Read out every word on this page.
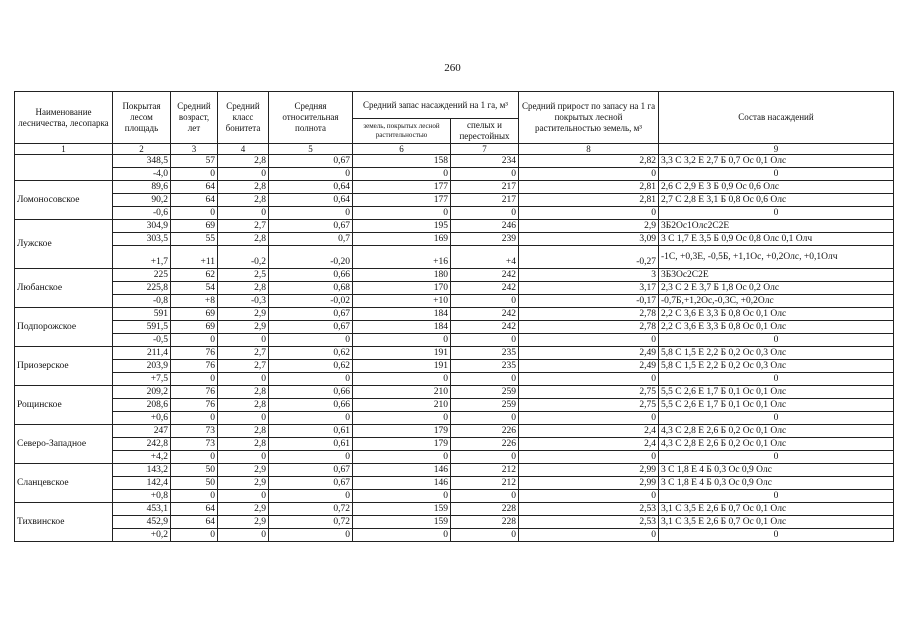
260
Наименование лесничества, лесопарка	Покрытая лесом площадь	Средний возраст, лет	Средний класс бонитета	Средняя относительная полнота	Средний запас насаждений на 1 га, м³		Средний прирост по запасу на 1 га покрытых лесной растительностью земель, м³	Состав насаждений
					земель, покрытых лесной растительностью	спелых и перестойных		
1	2	3	4	5	6	7	8	9
	348,5	57	2,8	0,67	158	234	2,82	3,3 С 3,2 Е 2,7 Б 0,7 Ос 0,1 Олс
	-4,0	0	0	0	0	0	0	0
Ломоносовское	89,6	64	2,8	0,64	177	217	2,81	2,6 С 2,9 Е 3 Б 0,9 Ос 0,6 Олс
	90,2	64	2,8	0,64	177	217	2,81	2,7 С 2,8 Е 3,1 Б 0,8 Ос 0,6 Олс
	-0,6	0	0	0	0	0	0	0
Лужское	304,9	69	2,7	0,67	195	246	2,9	3Б2Ос1Олс2С2Е
	303,5	55	2,8	0,7	169	239	3,09	3 С 1,7 Е 3,5 Б 0,9 Ос 0,8 Олс 0,1 Олч
	+1,7	+11	-0,2	-0,20	+16	+4	-0,27	-1С, +0,3Е, -0,5Б, +1,1Ос, +0,2Олс, +0,1Олч
Любанское	225	62	2,5	0,66	180	242	3	3Б3Ос2С2Е
	225,8	54	2,8	0,68	170	242	3,17	2,3 С 2 Е 3,7 Б 1,8 Ос 0,2 Олс
	-0,8	+8	-0,3	-0,02	+10	0	-0,17	-0,7Б,+1,2Ос,-0,3С, +0,2Олс
Подпорожское	591	69	2,9	0,67	184	242	2,78	2,2 С 3,6 Е 3,3 Б 0,8 Ос 0,1 Олс
	591,5	69	2,9	0,67	184	242	2,78	2,2 С 3,6 Е 3,3 Б 0,8 Ос 0,1 Олс
	-0,5	0	0	0	0	0	0	0
Приозерское	211,4	76	2,7	0,62	191	235	2,49	5,8 С 1,5 Е 2,2 Б 0,2 Ос 0,3 Олс
	203,9	76	2,7	0,62	191	235	2,49	5,8 С 1,5 Е 2,2 Б 0,2 Ос 0,3 Олс
	+7,5	0	0	0	0	0	0	0
Рощинское	209,2	76	2,8	0,66	210	259	2,75	5,5 С 2,6 Е 1,7 Б 0,1 Ос 0,1 Олс
	208,6	76	2,8	0,66	210	259	2,75	5,5 С 2,6 Е 1,7 Б 0,1 Ос 0,1 Олс
	+0,6	0	0	0	0	0	0	0
Северо-Западное	247	73	2,8	0,61	179	226	2,4	4,3 С 2,8 Е 2,6 Б 0,2 Ос 0,1 Олс
	242,8	73	2,8	0,61	179	226	2,4	4,3 С 2,8 Е 2,6 Б 0,2 Ос 0,1 Олс
	+4,2	0	0	0	0	0	0	0
Сланцевское	143,2	50	2,9	0,67	146	212	2,99	3 С 1,8 Е 4 Б 0,3 Ос 0,9 Олс
	142,4	50	2,9	0,67	146	212	2,99	3 С 1,8 Е 4 Б 0,3 Ос 0,9 Олс
	+0,8	0	0	0	0	0	0	0
Тихвинское	453,1	64	2,9	0,72	159	228	2,53	3,1 С 3,5 Е 2,6 Б 0,7 Ос 0,1 Олс
	452,9	64	2,9	0,72	159	228	2,53	3,1 С 3,5 Е 2,6 Б 0,7 Ос 0,1 Олс
	+0,2	0	0	0	0	0	0	0
